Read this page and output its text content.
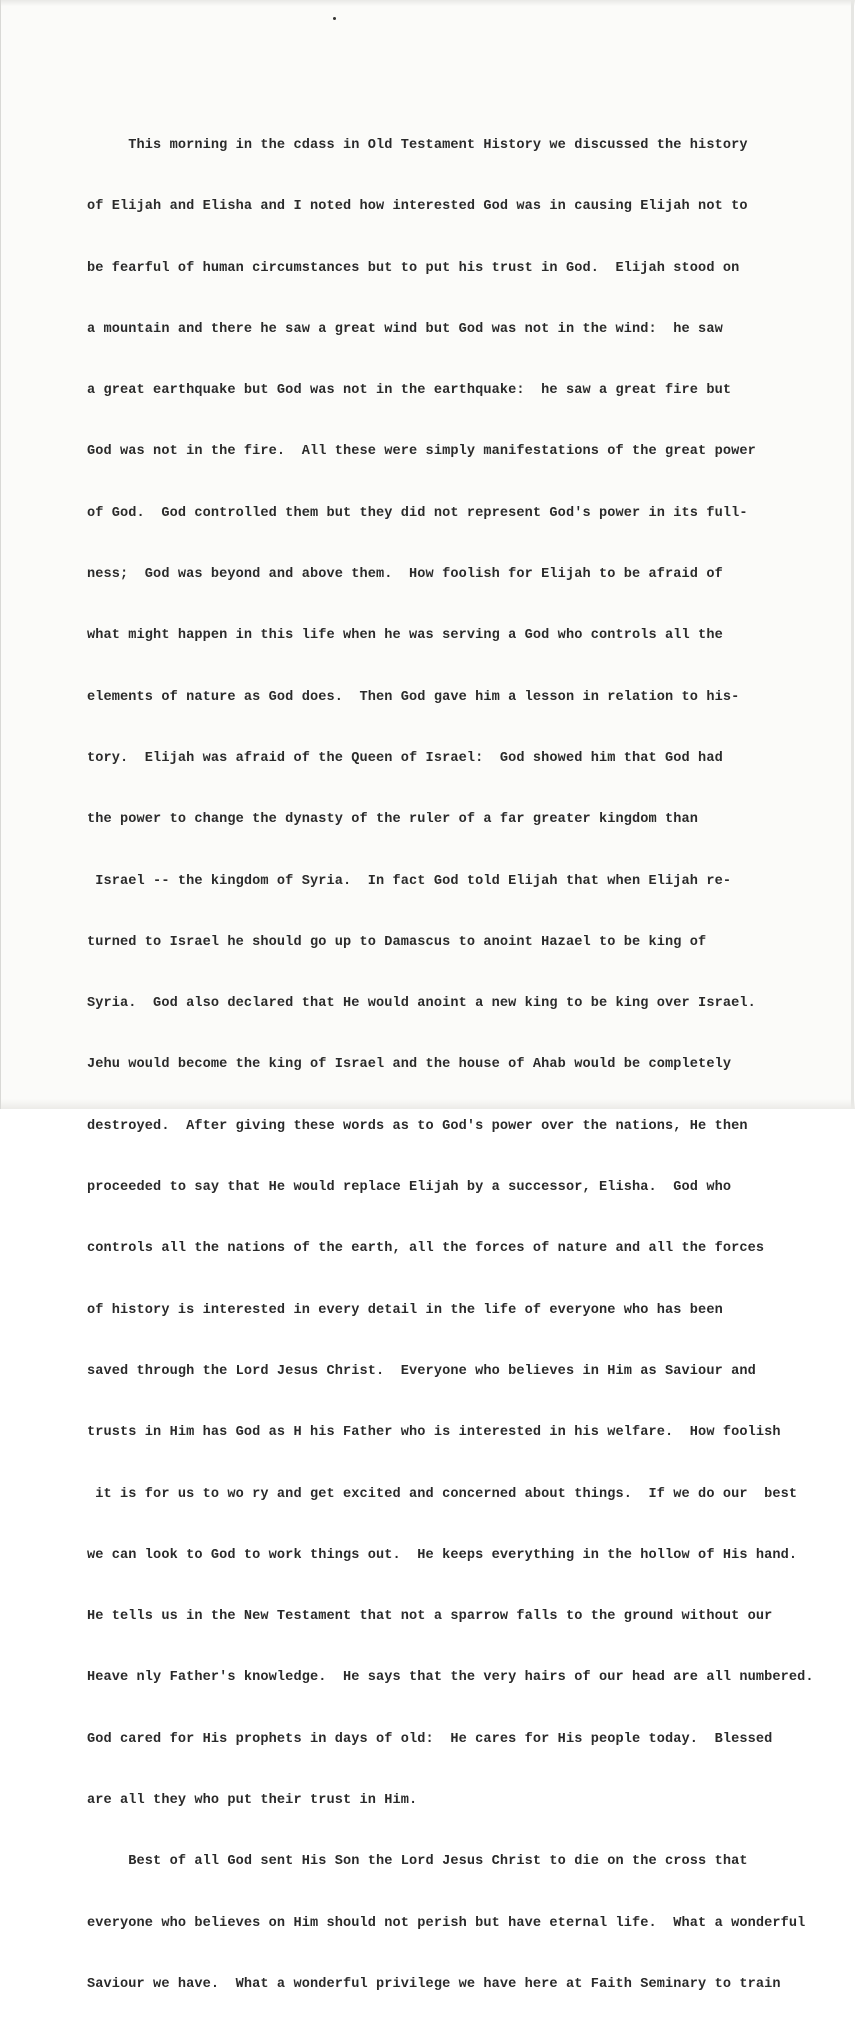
This morning in the cdass in Old Testament History we discussed the history

of Elijah and Elisha and I noted how interested God was in causing Elijah not to

be fearful of human circumstances but to put his trust in God.  Elijah stood on

a mountain and there he saw a great wind but God was not in the wind:  he saw

a great earthquake but God was not in the earthquake:  he saw a great fire but

God was not in the fire.  All these were simply manifestations of the great power

of God.  God controlled them but they did not represent God's power in its full-

ness;  God was beyond and above them.  How foolish for Elijah to be afraid of

what might happen in this life when he was serving a God who controls all the

elements of nature as God does.  Then God gave him a lesson in relation to his-

tory.  Elijah was afraid of the Queen of Israel:  God showed him that God had

the power to change the dynasty of the ruler of a far greater kingdom than

Israel -- the kingdom of Syria.  In fact God told Elijah that when Elijah re-

turned to Israel he should go up to Damascus to anoint Hazael to be king of

Syria.  God also declared that He would anoint a new king to be king over Israel.

Jehu would become the king of Israel and the house of Ahab would be completely

destroyed.  After giving these words as to God's power over the nations, He then

proceeded to say that He would replace Elijah by a successor, Elisha.  God who

controls all the nations of the earth, all the forces of nature and all the forces

of history is interested in every detail in the life of everyone who has been

saved through the Lord Jesus Christ.  Everyone who believes in Him as Saviour and

trusts in Him has God as H his Father who is interested in his welfare.  How foolish

it is for us to wo ry and get excited and concerned about things.  If we do our  best

we can look to God to work things out.  He keeps everything in the hollow of His hand.

He tells us in the New Testament that not a sparrow falls to the ground without our

Heave nly Father's knowledge.  He says that the very hairs of our head are all numbered.

God cared for His prophets in days of old:  He cares for His people today.  Blessed

are all they who put their trust in Him.

Best of all God sent His Son the Lord Jesus Christ to die on the cross that

everyone who believes on Him should not perish but have eternal life.  What a wonderful

Saviour we have.  What a wonderful privilege we have here at Faith Seminary to train
